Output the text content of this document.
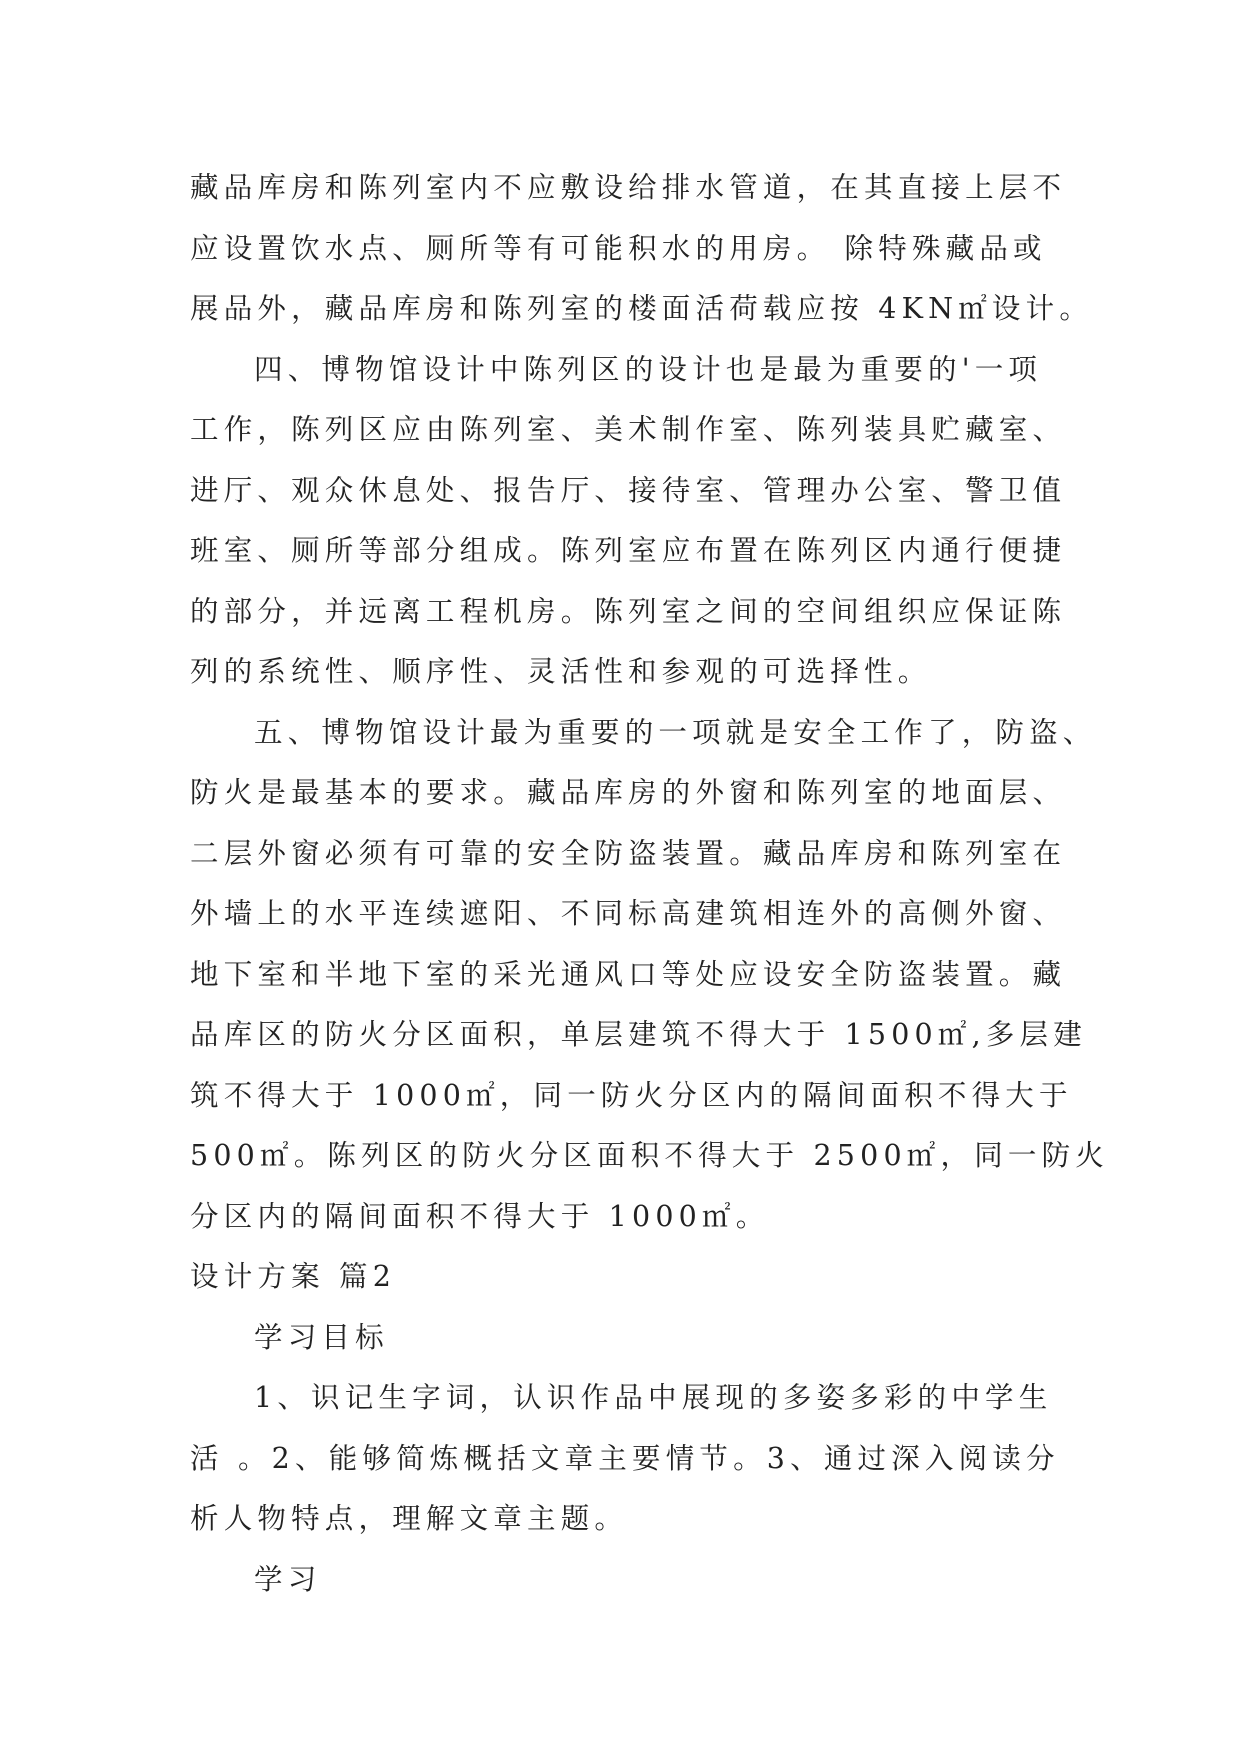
藏品库房和陈列室内不应敷设给排水管道，在其直接上层不
应设置饮水点、厕所等有可能积水的用房。 除特殊藏品或
展品外，藏品库房和陈列室的楼面活荷载应按 4KN㎡设计。
四、博物馆设计中陈列区的设计也是最为重要的'一项
工作，陈列区应由陈列室、美术制作室、陈列装具贮藏室、
进厅、观众休息处、报告厅、接待室、管理办公室、警卫值
班室、厕所等部分组成。陈列室应布置在陈列区内通行便捷
的部分，并远离工程机房。陈列室之间的空间组织应保证陈
列的系统性、顺序性、灵活性和参观的可选择性。
五、博物馆设计最为重要的一项就是安全工作了，防盗、
防火是最基本的要求。藏品库房的外窗和陈列室的地面层、
二层外窗必须有可靠的安全防盗装置。藏品库房和陈列室在
外墙上的水平连续遮阳、不同标高建筑相连外的高侧外窗、
地下室和半地下室的采光通风口等处应设安全防盗装置。藏
品库区的防火分区面积，单层建筑不得大于 1500㎡,多层建
筑不得大于 1000㎡，同一防火分区内的隔间面积不得大于
500㎡。陈列区的防火分区面积不得大于 2500㎡，同一防火
分区内的隔间面积不得大于 1000㎡。
设计方案 篇2
学习目标
1、识记生字词，认识作品中展现的多姿多彩的中学生
活 。2、能够简炼概括文章主要情节。3、通过深入阅读分
析人物特点，理解文章主题。
学习
